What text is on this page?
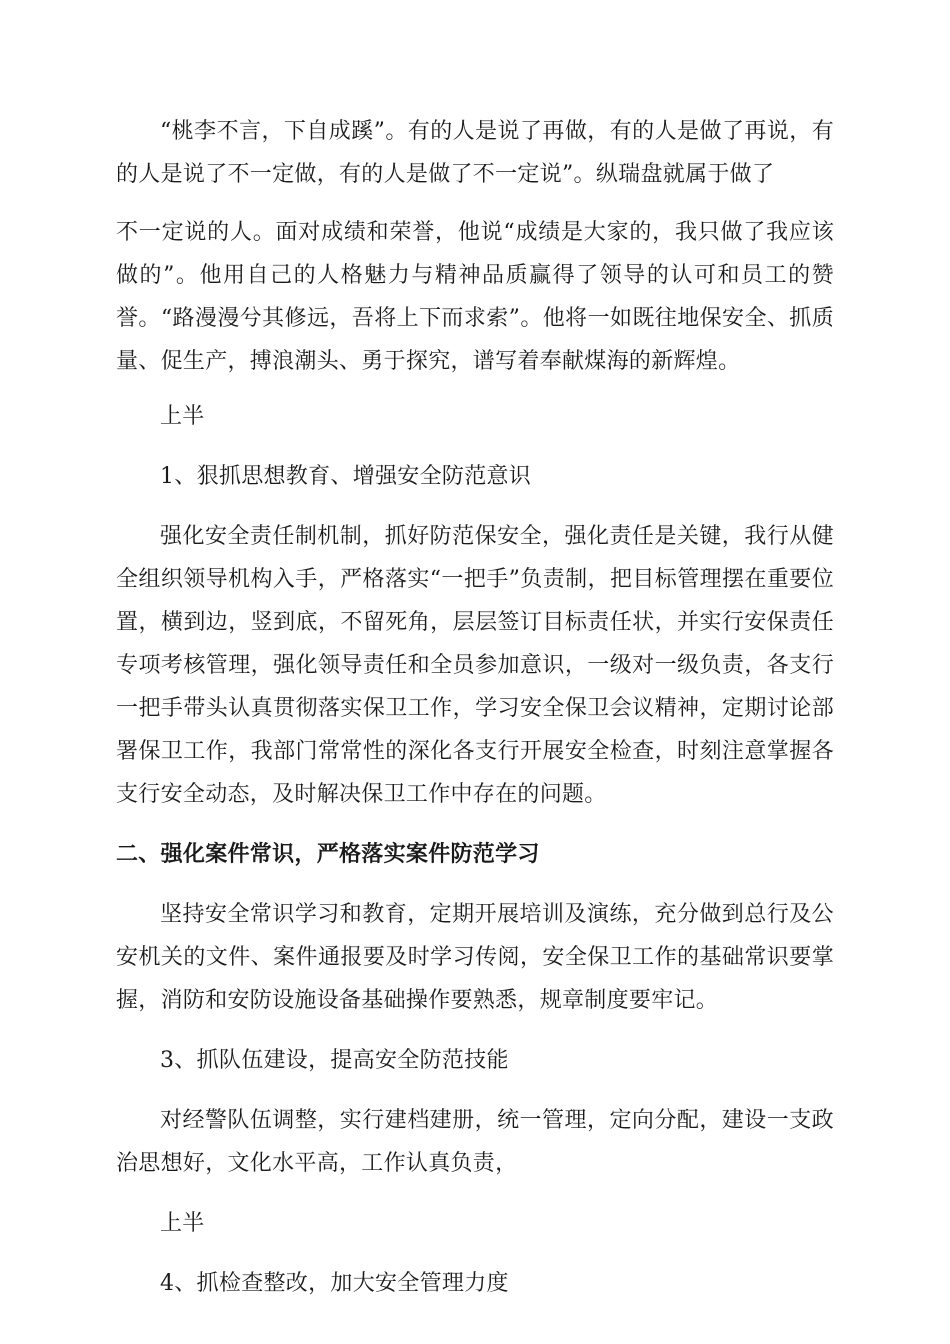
“桃李不言，下自成蹊”。有的人是说了再做，有的人是做了再说，有的人是说了不一定做，有的人是做了不一定说”。纵瑞盘就属于做了

不一定说的人。面对成绩和荣誉，他说“成绩是大家的，我只做了我应该做的”。他用自己的人格魅力与精神品质赢得了领导的认可和员工的赞誉。“路漫漫兮其修远，吾将上下而求索”。他将一如既往地保安全、抓质量、促生产，搏浪潮头、勇于探究，谱写着奉献煤海的新辉煌。

上半

1、狠抓思想教育、增强安全防范意识

强化安全责任制机制，抓好防范保安全，强化责任是关键，我行从健全组织领导机构入手，严格落实“一把手”负责制，把目标管理摆在重要位置，横到边，竖到底，不留死角，层层签订目标责任状，并实行安保责任专项考核管理，强化领导责任和全员参加意识，一级对一级负责，各支行一把手带头认真贯彻落实保卫工作，学习安全保卫会议精神，定期讨论部署保卫工作，我部门常常性的深化各支行开展安全检查，时刻注意掌握各支行安全动态，及时解决保卫工作中存在的问题。

二、强化案件常识，严格落实案件防范学习

坚持安全常识学习和教育，定期开展培训及演练，充分做到总行及公安机关的文件、案件通报要及时学习传阅，安全保卫工作的基础常识要掌握，消防和安防设施设备基础操作要熟悉，规章制度要牢记。

3、抓队伍建设，提高安全防范技能

对经警队伍调整，实行建档建册，统一管理，定向分配，建设一支政治思想好，文化水平高，工作认真负责，

上半

4、抓检查整改，加大安全管理力度
